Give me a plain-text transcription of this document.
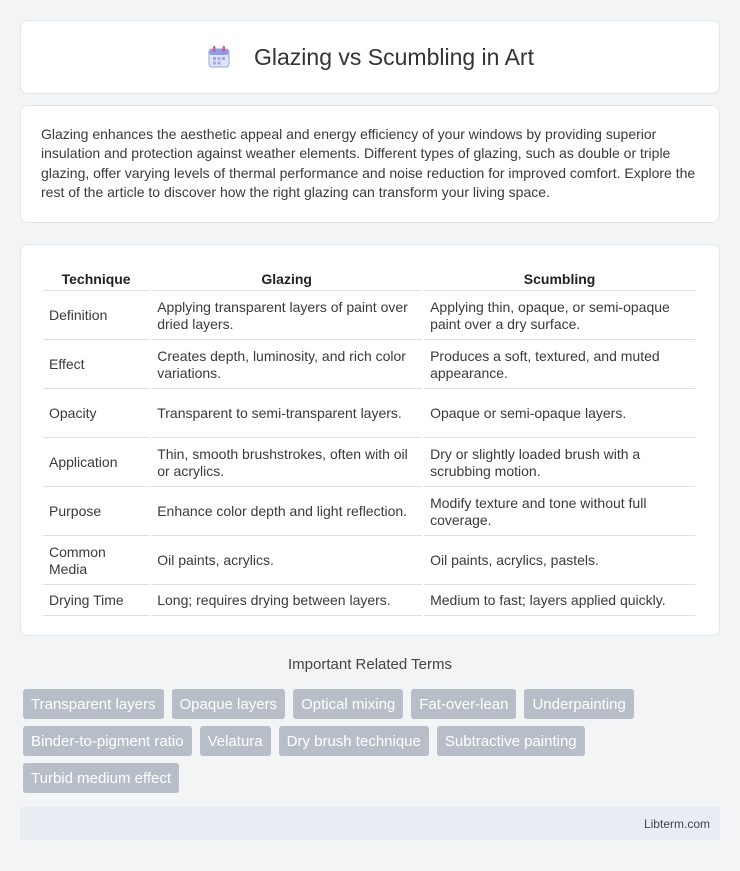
Glazing vs Scumbling in Art

Glazing enhances the aesthetic appeal and energy efficiency of your windows by providing superior insulation and protection against weather elements. Different types of glazing, such as double or triple glazing, offer varying levels of thermal performance and noise reduction for improved comfort. Explore the rest of the article to discover how the right glazing can transform your living space.

Technique	Glazing	Scumbling
Definition	Applying transparent layers of paint over dried layers.	Applying thin, opaque, or semi-opaque paint over a dry surface.
Effect	Creates depth, luminosity, and rich color variations.	Produces a soft, textured, and muted appearance.
Opacity	Transparent to semi-transparent layers.	Opaque or semi-opaque layers.
Application	Thin, smooth brushstrokes, often with oil or acrylics.	Dry or slightly loaded brush with a scrubbing motion.
Purpose	Enhance color depth and light reflection.	Modify texture and tone without full coverage.
Common Media	Oil paints, acrylics.	Oil paints, acrylics, pastels.
Drying Time	Long; requires drying between layers.	Medium to fast; layers applied quickly.
Important Related Terms
Transparent layers	Opaque layers	Optical mixing	Fat-over-lean	Underpainting
Binder-to-pigment ratio	Velatura	Dry brush technique	Subtractive painting
Turbid medium effect
Libterm.com
